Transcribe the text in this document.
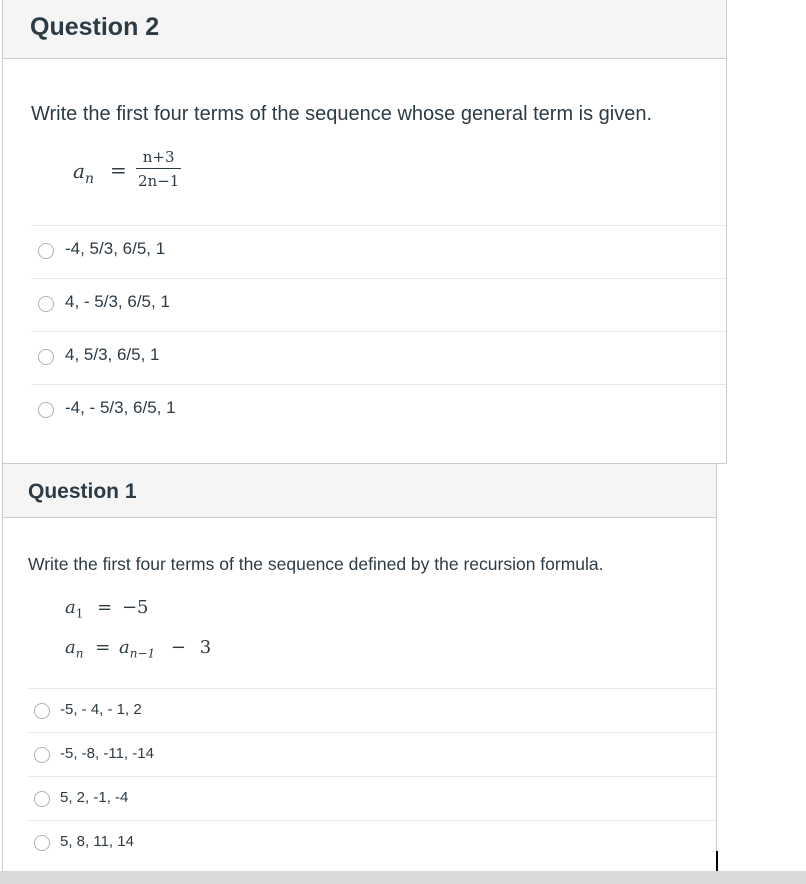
Question 2
Write the first four terms of the sequence whose general term is given.
$a_n = \frac{n+3}{2n-1}$
-4, 5/3, 6/5, 1
4, - 5/3, 6/5, 1
4, 5/3, 6/5, 1
-4, - 5/3, 6/5, 1
Question 1
Write the first four terms of the sequence defined by the recursion formula.
$a_1 = -5$
$a_n = a_{n-1} - 3$
-5, - 4, - 1, 2
-5, -8, -11, -14
5, 2, -1, -4
5, 8, 11, 14
